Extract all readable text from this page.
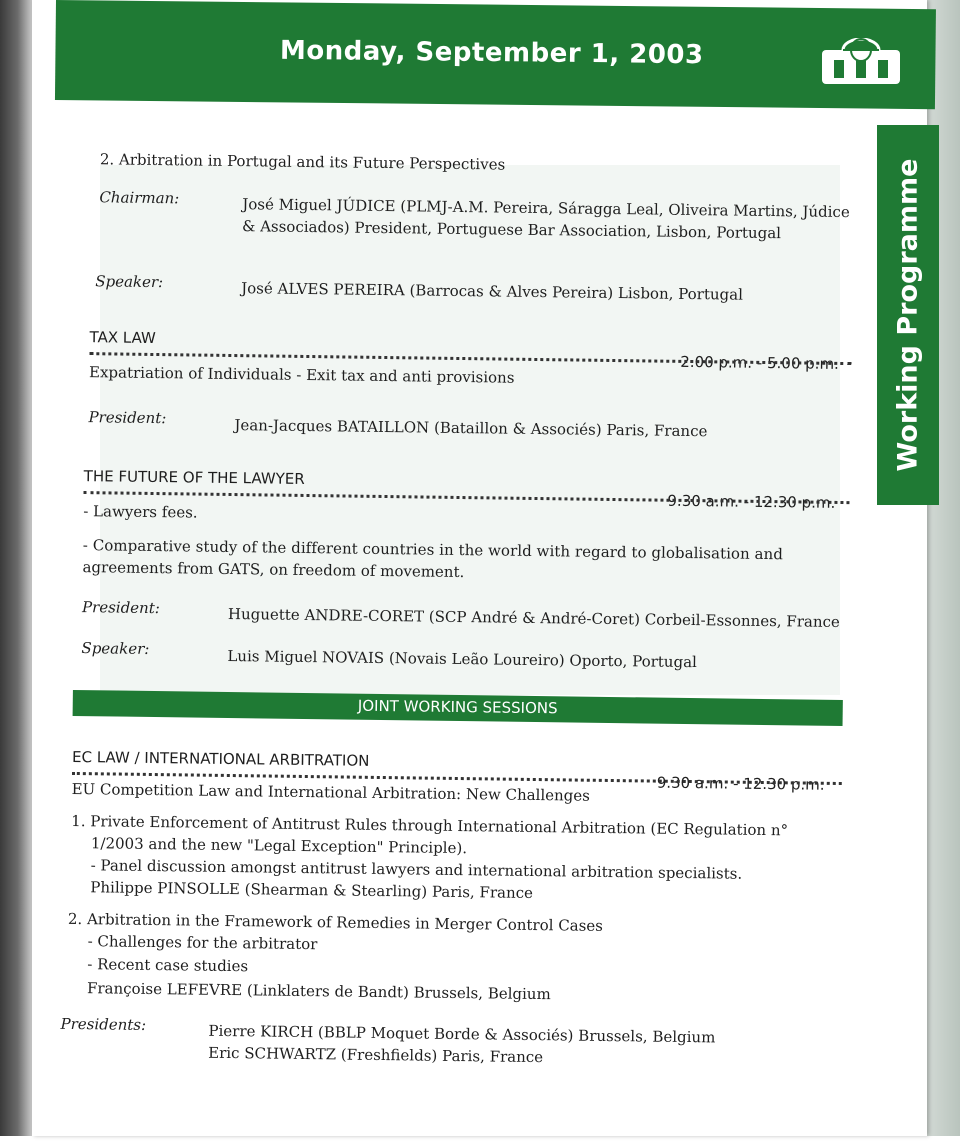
Monday, September 1, 2003
Working Programme
2. Arbitration in Portugal and its Future Perspectives
Chairman:	José Miguel JÚDICE (PLMJ-A.M. Pereira, Sáragga Leal, Oliveira Martins, Júdice
& Associados) President, Portuguese Bar Association, Lisbon, Portugal
Speaker:	José ALVES PEREIRA (Barrocas & Alves Pereira) Lisbon, Portugal
TAX LAW
2.00 p.m. - 5.00 p.m.
Expatriation of Individuals - Exit tax and anti provisions
President:	Jean-Jacques BATAILLON (Bataillon & Associés) Paris, France
THE FUTURE OF THE LAWYER
9.30 a.m. - 12.30 p.m.
- Lawyers fees.
- Comparative study of the different countries in the world with regard to globalisation and
agreements from GATS, on freedom of movement.
President:	Huguette ANDRE-CORET (SCP André & André-Coret) Corbeil-Essonnes, France
Speaker:	Luis Miguel NOVAIS (Novais Leão Loureiro) Oporto, Portugal
JOINT WORKING SESSIONS
EC LAW / INTERNATIONAL ARBITRATION
9.30 a.m. - 12.30 p.m.
EU Competition Law and International Arbitration: New Challenges
1. Private Enforcement of Antitrust Rules through International Arbitration (EC Regulation n°
1/2003 and the new "Legal Exception" Principle).
- Panel discussion amongst antitrust lawyers and international arbitration specialists.
Philippe PINSOLLE (Shearman & Stearling) Paris, France
2. Arbitration in the Framework of Remedies in Merger Control Cases
- Challenges for the arbitrator
- Recent case studies
Françoise LEFEVRE (Linklaters de Bandt) Brussels, Belgium
Presidents:	Pierre KIRCH (BBLP Moquet Borde & Associés) Brussels, Belgium
Eric SCHWARTZ (Freshfields) Paris, France
